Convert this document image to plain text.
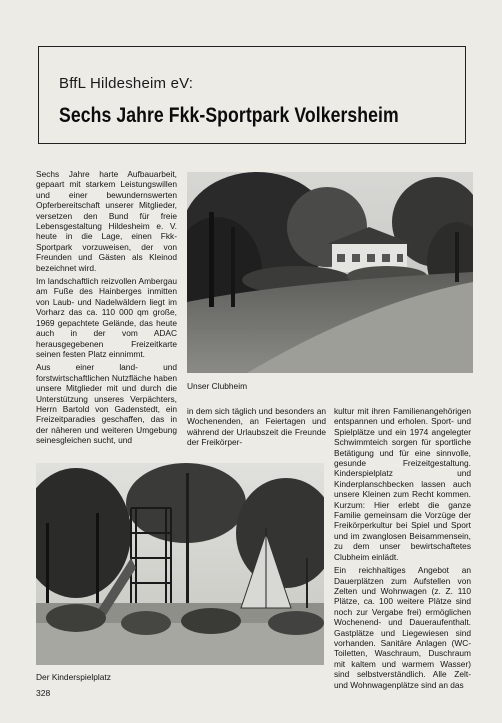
BffL Hildesheim eV:
Sechs Jahre Fkk-Sportpark Volkersheim

Sechs Jahre harte Aufbauarbeit, gepaart mit starkem Leistungswillen und einer bewundernswerten Opferbereitschaft unserer Mitglieder, versetzen den Bund für freie Lebensgestaltung Hildesheim e. V. heute in die Lage, einen Fkk-Sportpark vorzuweisen, der von Freunden und Gästen als Kleinod bezeichnet wird.

Im landschaftlich reizvollen Ambergau am Fuße des Hainberges inmitten von Laub- und Nadelwäldern liegt im Vorharz das ca. 110 000 qm große, 1969 gepachtete Gelände, das heute auch in der vom ADAC herausgegebenen Freizeitkarte seinen festen Platz einnimmt.

Aus einer land- und forstwirtschaftlichen Nutzfläche haben unsere Mitglieder mit und durch die Unterstützung unseres Verpächters, Herrn Bartold von Gadenstedt, ein Freizeitparadies geschaffen, das in der näheren und weiteren Umgebung seinesgleichen sucht, und

Unser Clubheim

in dem sich täglich und besonders an Wochenenden, an Feiertagen und während der Urlaubszeit die Freunde der Freikörper-

kultur mit ihren Familienangehörigen entspannen und erholen. Sport- und Spielplätze und ein 1974 angelegter Schwimmteich sorgen für sportliche Betätigung und für eine sinnvolle, gesunde Freizeitgestaltung. Kinderspielplatz und Kinderplanschbecken lassen auch unsere Kleinen zum Recht kommen. Kurzum: Hier erlebt die ganze Familie gemeinsam die Vorzüge der Freikörperkultur bei Spiel und Sport und im zwanglosen Beisammensein, zu dem unser bewirtschaftetes Clubheim einlädt.

Ein reichhaltiges Angebot an Dauerplätzen zum Aufstellen von Zelten und Wohnwagen (z. Z. 110 Plätze, ca. 100 weitere Plätze sind noch zur Vergabe frei) ermöglichen Wochenend- und Daueraufenthalt. Gastplätze und Liegewiesen sind vorhanden. Sanitäre Anlagen (WC-Toiletten, Waschraum, Duschraum mit kaltem und warmem Wasser) sind selbstverständlich. Alle Zelt- und Wohnwagenplätze sind an das

Der Kinderspielplatz
328
